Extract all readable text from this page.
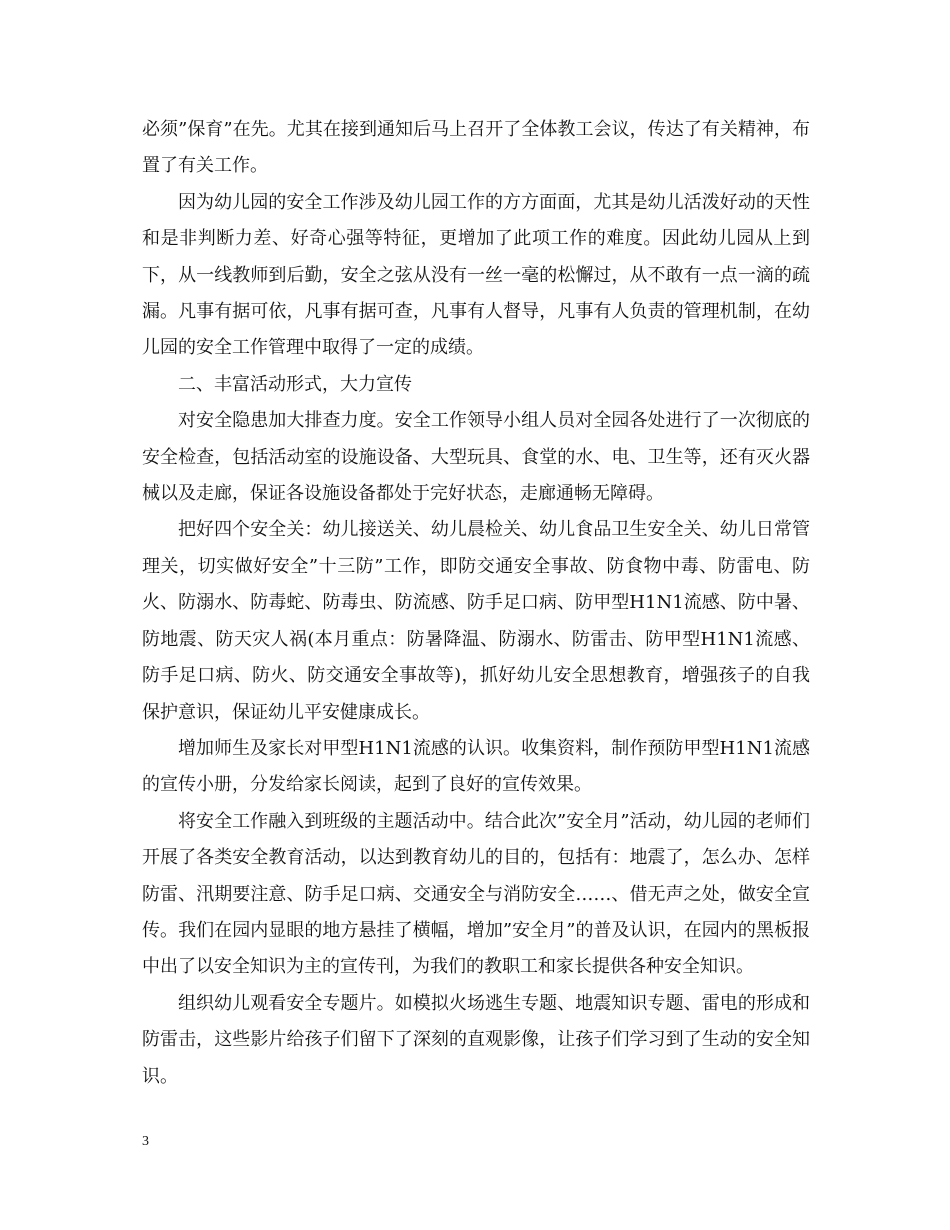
必须”保育”在先。尤其在接到通知后马上召开了全体教工会议，传达了有关精神，布置了有关工作。

因为幼儿园的安全工作涉及幼儿园工作的方方面面，尤其是幼儿活泼好动的天性和是非判断力差、好奇心强等特征，更增加了此项工作的难度。因此幼儿园从上到下，从一线教师到后勤，安全之弦从没有一丝一毫的松懈过，从不敢有一点一滴的疏漏。凡事有据可依，凡事有据可查，凡事有人督导，凡事有人负责的管理机制，在幼儿园的安全工作管理中取得了一定的成绩。

二、丰富活动形式，大力宣传

对安全隐患加大排查力度。安全工作领导小组人员对全园各处进行了一次彻底的安全检查，包括活动室的设施设备、大型玩具、食堂的水、电、卫生等，还有灭火器械以及走廊，保证各设施设备都处于完好状态，走廊通畅无障碍。

把好四个安全关：幼儿接送关、幼儿晨检关、幼儿食品卫生安全关、幼儿日常管理关，切实做好安全”十三防”工作，即防交通安全事故、防食物中毒、防雷电、防火、防溺水、防毒蛇、防毒虫、防流感、防手足口病、防甲型H1N1流感、防中暑、防地震、防天灾人祸(本月重点：防暑降温、防溺水、防雷击、防甲型H1N1流感、防手足口病、防火、防交通安全事故等)，抓好幼儿安全思想教育，增强孩子的自我保护意识，保证幼儿平安健康成长。

增加师生及家长对甲型H1N1流感的认识。收集资料，制作预防甲型H1N1流感的宣传小册，分发给家长阅读，起到了良好的宣传效果。

将安全工作融入到班级的主题活动中。结合此次”安全月”活动，幼儿园的老师们开展了各类安全教育活动，以达到教育幼儿的目的，包括有：地震了，怎么办、怎样防雷、汛期要注意、防手足口病、交通安全与消防安全……、借无声之处，做安全宣传。我们在园内显眼的地方悬挂了横幅，增加”安全月”的普及认识，在园内的黑板报中出了以安全知识为主的宣传刊，为我们的教职工和家长提供各种安全知识。

组织幼儿观看安全专题片。如模拟火场逃生专题、地震知识专题、雷电的形成和防雷击，这些影片给孩子们留下了深刻的直观影像，让孩子们学习到了生动的安全知识。

3
